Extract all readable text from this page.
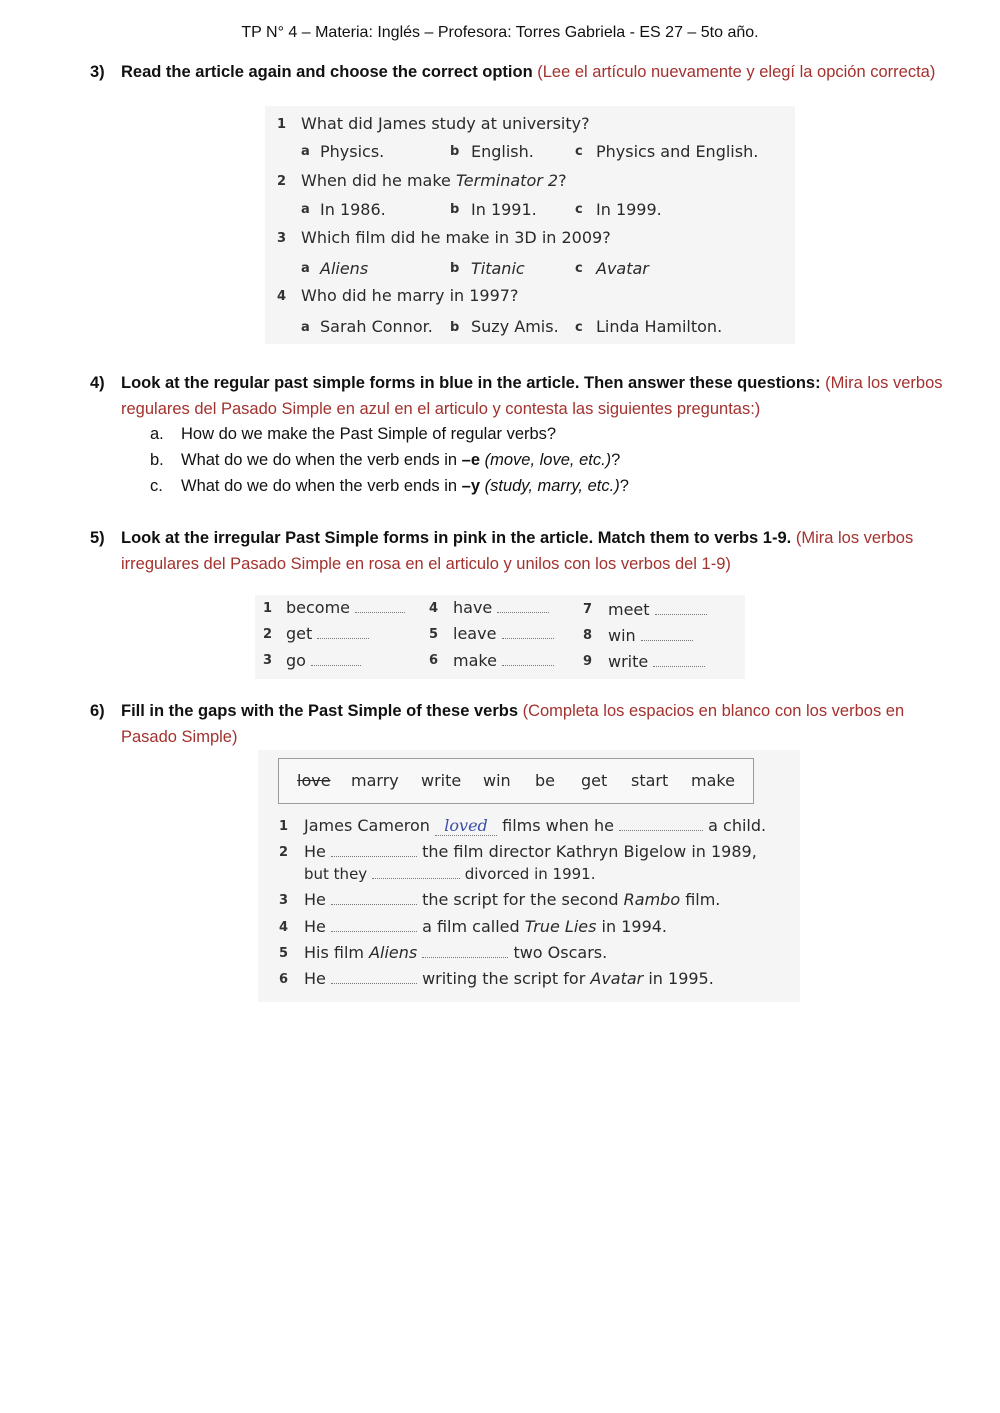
TP N° 4 – Materia: Inglés – Profesora: Torres Gabriela - ES 27 – 5to año.
3) Read the article again and choose the correct option (Lee el artículo nuevamente y elegí la opción correcta)
1 What did James study at university?
a Physics.	b English.	c Physics and English.
2 When did he make Terminator 2?
a In 1986.	b In 1991.	c In 1999.
3 Which film did he make in 3D in 2009?
a Aliens	b Titanic	c Avatar
4 Who did he marry in 1997?
a Sarah Connor. b Suzy Amis. c Linda Hamilton.
4) Look at the regular past simple forms in blue in the article. Then answer these questions: (Mira los verbos regulares del Pasado Simple en azul en el articulo y contesta las siguientes preguntas:)
a. How do we make the Past Simple of regular verbs?
b. What do we do when the verb ends in –e (move, love, etc.)?
c. What do we do when the verb ends in –y (study, marry, etc.)?
5) Look at the irregular Past Simple forms in pink in the article. Match them to verbs 1-9. (Mira los verbos irregulares del Pasado Simple en rosa en el articulo y unilos con los verbos del 1-9)
1 become
2 get
3 go
4 have
5 leave
6 make
7 meet
8 win
9 write
6) Fill in the gaps with the Past Simple of these verbs (Completa los espacios en blanco con los verbos en Pasado Simple)
love marry write win be get start make
1 James Cameron loved films when he	a child.
2 He	the film director Kathryn Bigelow in 1989,
but they	divorced in 1991.
3 He	the script for the second Rambo film.
4 He	a film called True Lies in 1994.
5 His film Aliens	two Oscars.
6 He	writing the script for Avatar in 1995.
